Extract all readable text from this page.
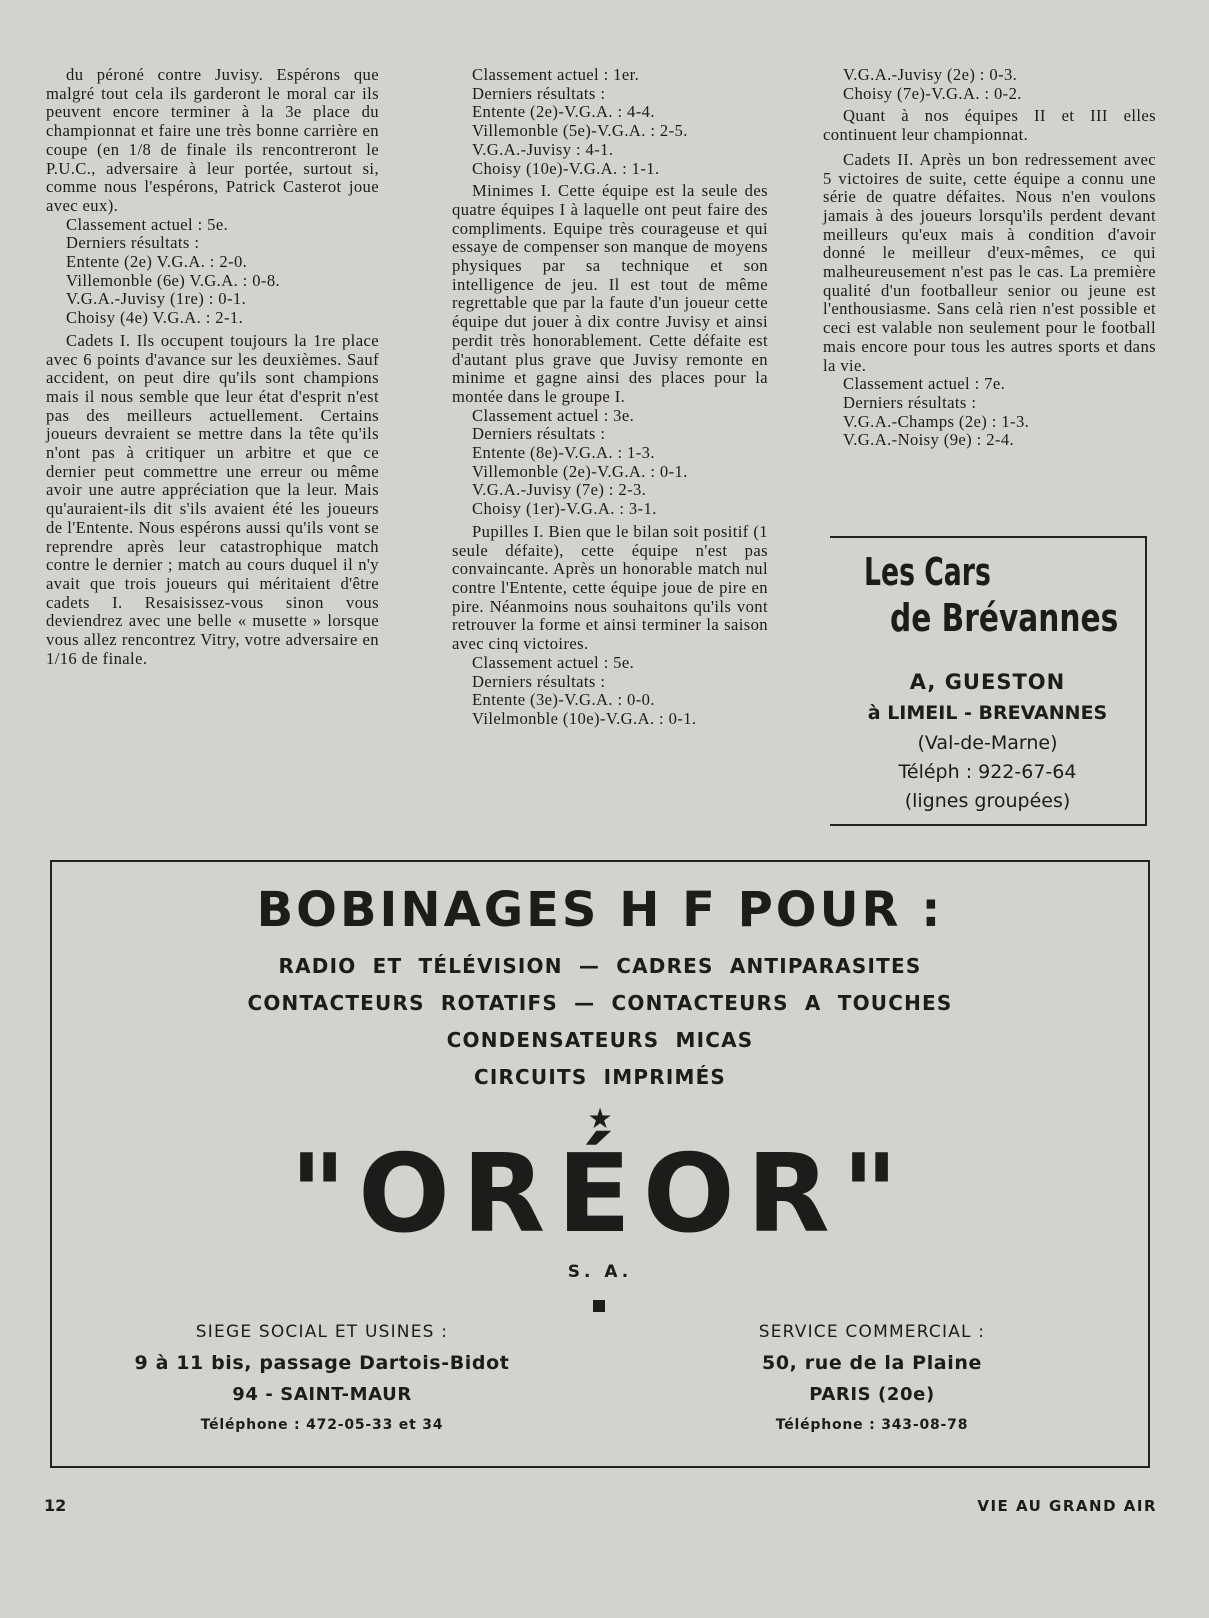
du péroné contre Juvisy. Espérons que malgré tout cela ils garderont le moral car ils peuvent encore terminer à la 3e place du championnat et faire une très bonne carrière en coupe (en 1/8 de finale ils rencontreront le P.U.C., adversaire à leur portée, surtout si, comme nous l'espérons, Patrick Casterot joue avec eux).
Classement actuel : 5e.
Derniers résultats :
Entente (2e) V.G.A. : 2-0.
Villemonble (6e) V.G.A. : 0-8.
V.G.A.-Juvisy (1re) : 0-1.
Choisy (4e) V.G.A. : 2-1.
Cadets I. Ils occupent toujours la 1re place avec 6 points d'avance sur les deuxièmes. Sauf accident, on peut dire qu'ils sont champions mais il nous semble que leur état d'esprit n'est pas des meilleurs actuellement. Certains joueurs devraient se mettre dans la tête qu'ils n'ont pas à critiquer un arbitre et que ce dernier peut commettre une erreur ou même avoir une autre appréciation que la leur. Mais qu'auraient-ils dit s'ils avaient été les joueurs de l'Entente. Nous espérons aussi qu'ils vont se reprendre après leur catastrophique match contre le dernier ; match au cours duquel il n'y avait que trois joueurs qui méritaient d'être cadets I. Resaisissez-vous sinon vous deviendrez avec une belle « musette » lorsque vous allez rencontrez Vitry, votre adversaire en 1/16 de finale.
Classement actuel : 1er.
Derniers résultats :
Entente (2e)-V.G.A. : 4-4.
Villemonble (5e)-V.G.A. : 2-5.
V.G.A.-Juvisy : 4-1.
Choisy (10e)-V.G.A. : 1-1.
Minimes I. Cette équipe est la seule des quatre équipes I à laquelle ont peut faire des compliments. Equipe très courageuse et qui essaye de compenser son manque de moyens physiques par sa technique et son intelligence de jeu. Il est tout de même regrettable que par la faute d'un joueur cette équipe dut jouer à dix contre Juvisy et ainsi perdit très honorablement. Cette défaite est d'autant plus grave que Juvisy remonte en minime et gagne ainsi des places pour la montée dans le groupe I.
Classement actuel : 3e.
Derniers résultats :
Entente (8e)-V.G.A. : 1-3.
Villemonble (2e)-V.G.A. : 0-1.
V.G.A.-Juvisy (7e) : 2-3.
Choisy (1er)-V.G.A. : 3-1.
Pupilles I. Bien que le bilan soit positif (1 seule défaite), cette équipe n'est pas convaincante. Après un honorable match nul contre l'Entente, cette équipe joue de pire en pire. Néanmoins nous souhaitons qu'ils vont retrouver la forme et ainsi terminer la saison avec cinq victoires.
Classement actuel : 5e.
Derniers résultats :
Entente (3e)-V.G.A. : 0-0.
Vilelmonble (10e)-V.G.A. : 0-1.
V.G.A.-Juvisy (2e) : 0-3.
Choisy (7e)-V.G.A. : 0-2.
Quant à nos équipes II et III elles continuent leur championnat.
Cadets II. Après un bon redressement avec 5 victoires de suite, cette équipe a connu une série de quatre défaites. Nous n'en voulons jamais à des joueurs lorsqu'ils perdent devant meilleurs qu'eux mais à condition d'avoir donné le meilleur d'eux-mêmes, ce qui malheureusement n'est pas le cas. La première qualité d'un footballeur senior ou jeune est l'enthousiasme. Sans celà rien n'est possible et ceci est valable non seulement pour le football mais encore pour tous les autres sports et dans la vie.
Classement actuel : 7e.
Derniers résultats :
V.G.A.-Champs (2e) : 1-3.
V.G.A.-Noisy (9e) : 2-4.
Les Cars
de Brévannes
A, GUESTON
à LIMEIL - BREVANNES
(Val-de-Marne)
Téléph : 922-67-64
(lignes groupées)
BOBINAGES H F POUR :
RADIO ET TÉLÉVISION — CADRES ANTIPARASITES
CONTACTEURS ROTATIFS — CONTACTEURS A TOUCHES
CONDENSATEURS MICAS
CIRCUITS IMPRIMÉS
★
"ORÉOR"
S. A.
SIEGE SOCIAL ET USINES :
9 à 11 bis, passage Dartois-Bidot
94 - SAINT-MAUR
Téléphone : 472-05-33 et 34
SERVICE COMMERCIAL :
50, rue de la Plaine
PARIS (20e)
Téléphone : 343-08-78
12	VIE AU GRAND AIR
